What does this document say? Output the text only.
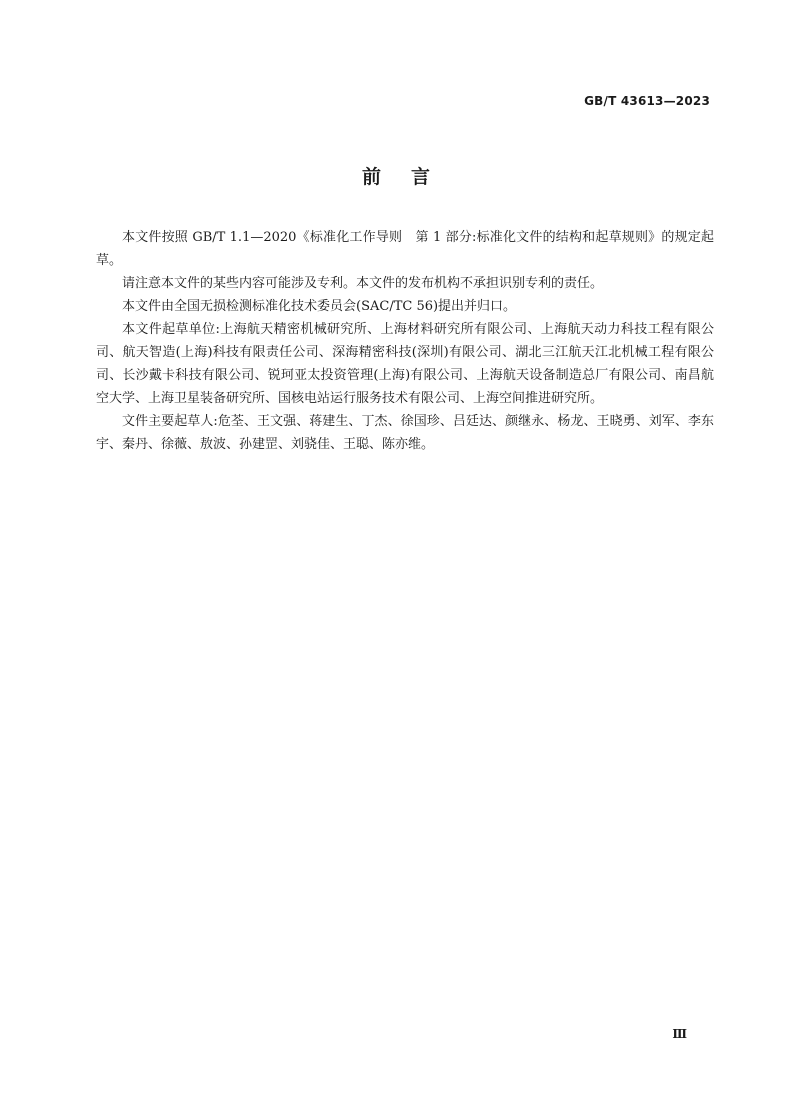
GB/T 43613—2023
前言

本文件按照 GB/T 1.1—2020《标准化工作导则　第 1 部分:标准化文件的结构和起草规则》的规定起草。

请注意本文件的某些内容可能涉及专利。本文件的发布机构不承担识别专利的责任。

本文件由全国无损检测标准化技术委员会(SAC/TC 56)提出并归口。

本文件起草单位:上海航天精密机械研究所、上海材料研究所有限公司、上海航天动力科技工程有限公司、航天智造(上海)科技有限责任公司、深海精密科技(深圳)有限公司、湖北三江航天江北机械工程有限公司、长沙戴卡科技有限公司、锐珂亚太投资管理(上海)有限公司、上海航天设备制造总厂有限公司、南昌航空大学、上海卫星装备研究所、国核电站运行服务技术有限公司、上海空间推进研究所。

文件主要起草人:危荃、王文强、蒋建生、丁杰、徐国珍、吕廷达、颜继永、杨龙、王晓勇、刘军、李东宇、秦丹、徐薇、敖波、孙建罡、刘骁佳、王聪、陈亦维。

Ⅲ
